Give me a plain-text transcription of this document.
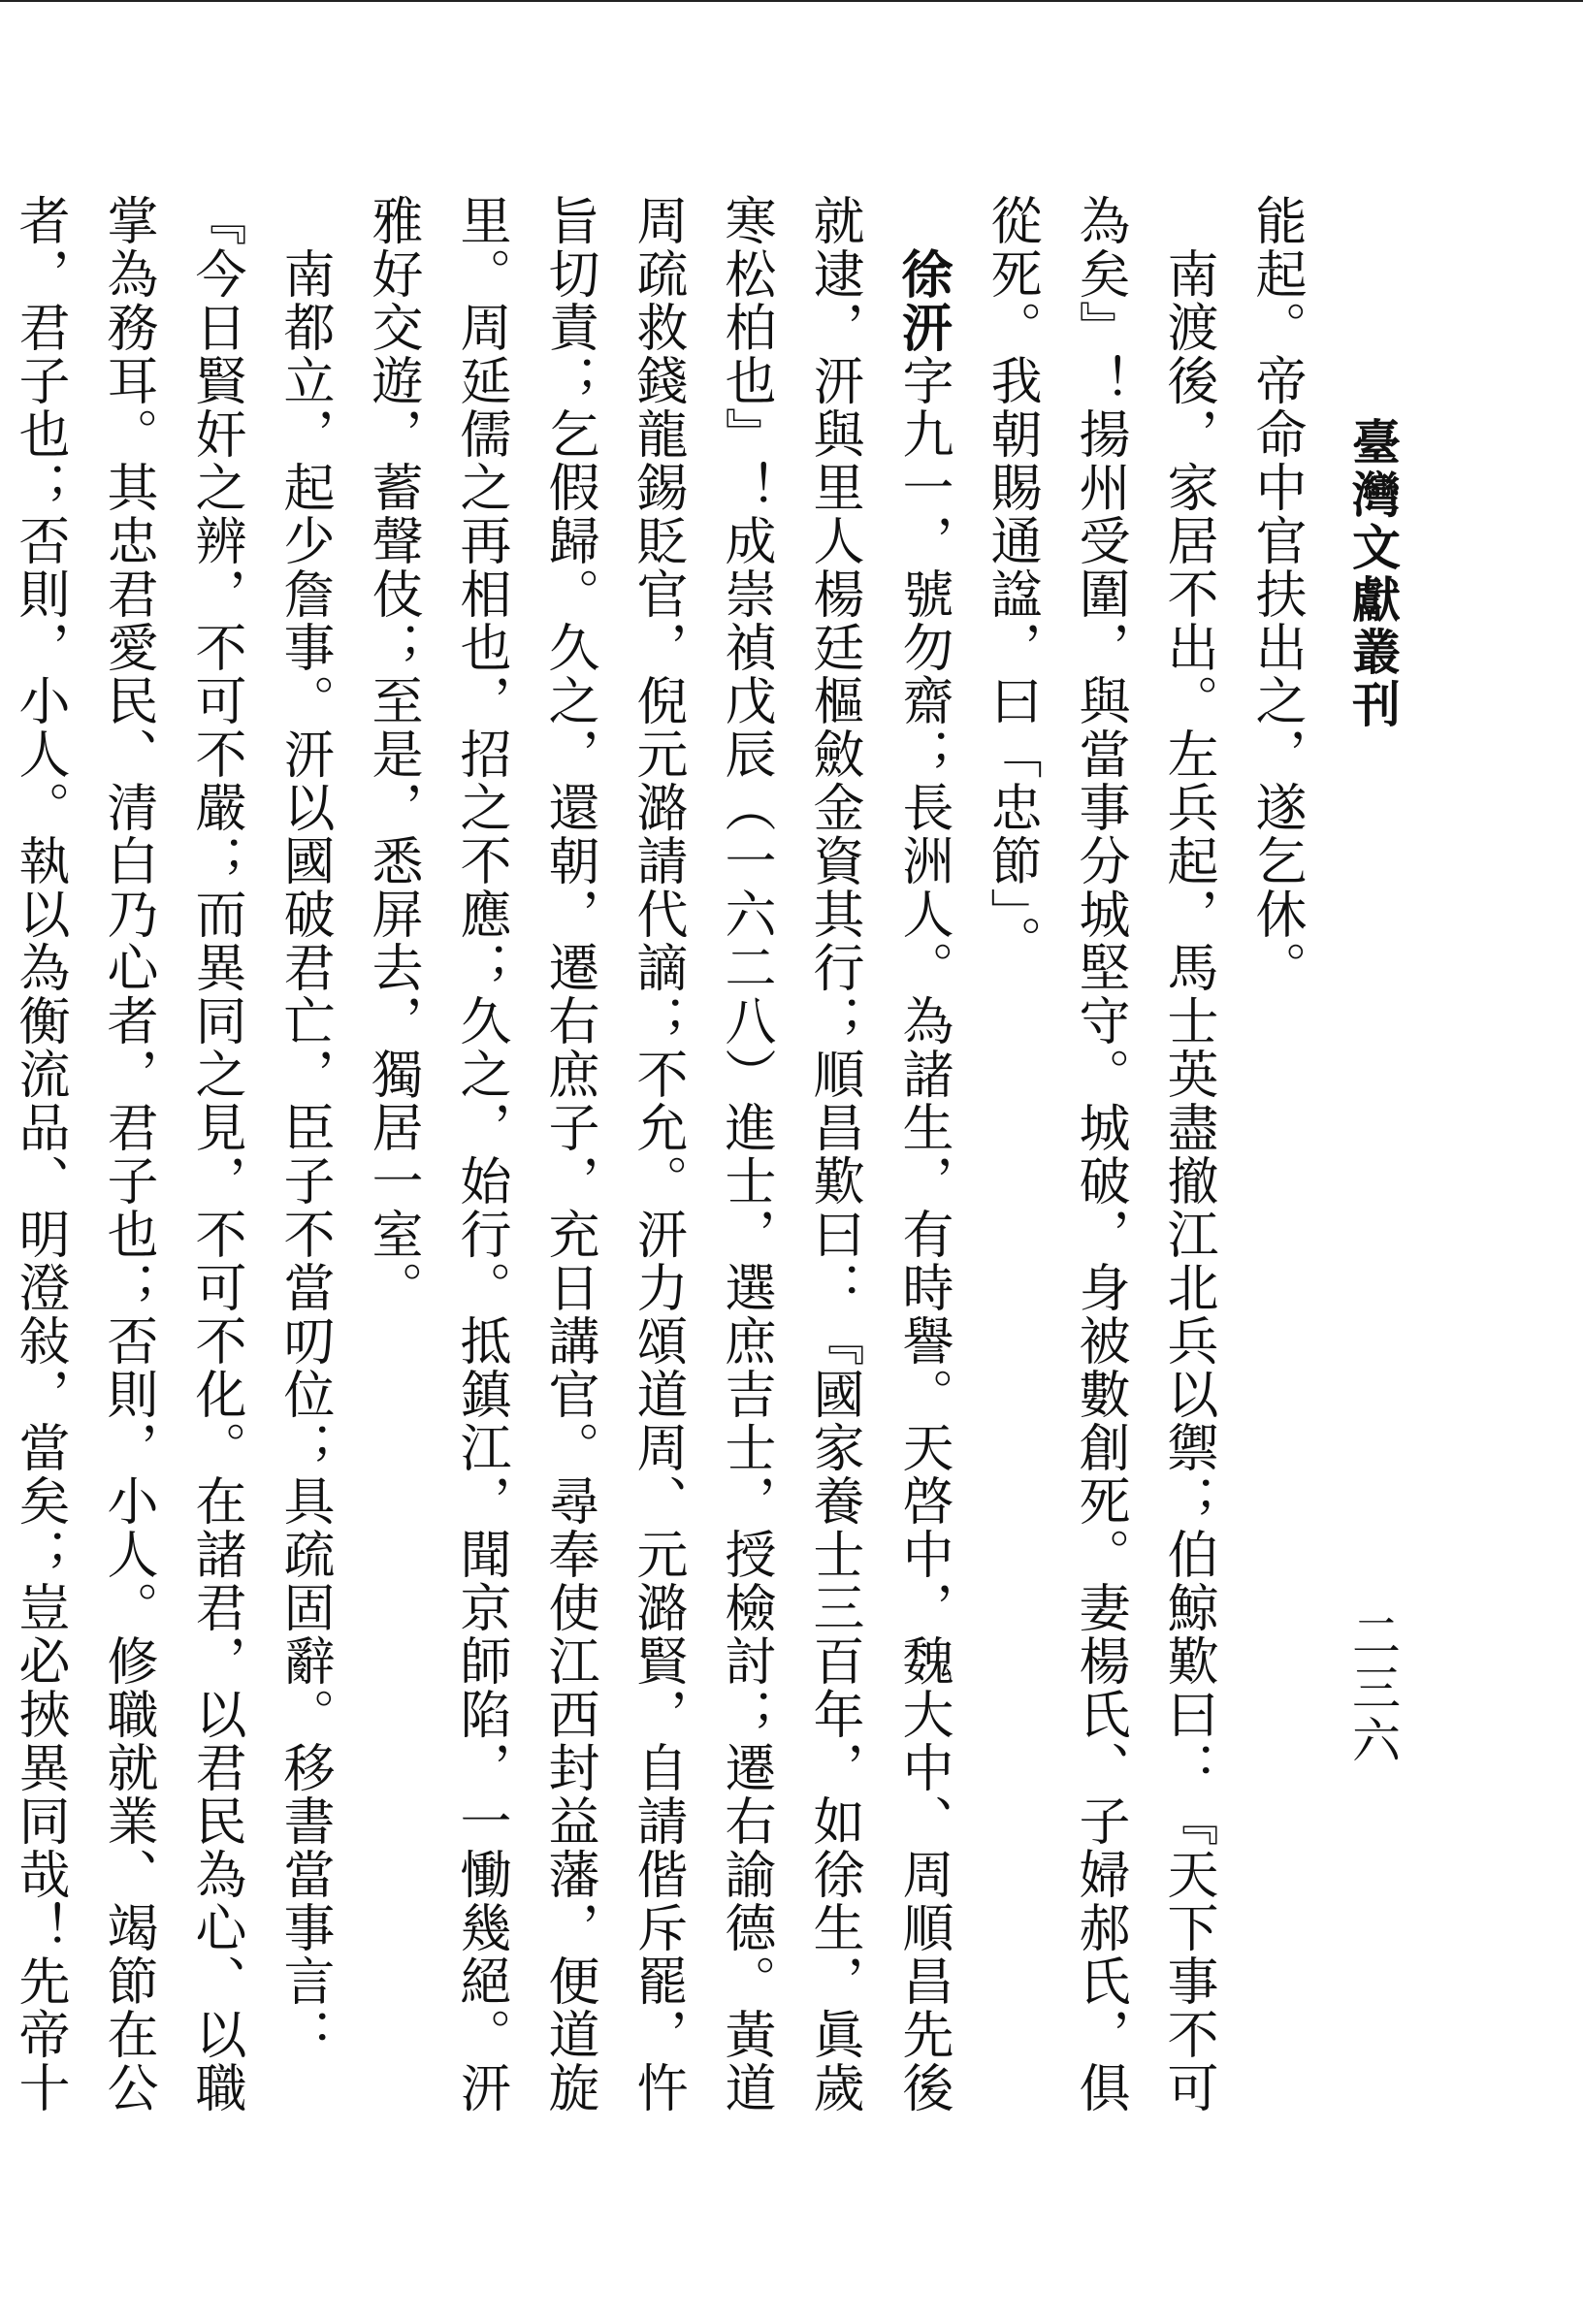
臺灣文獻叢刊
二三六

能起。帝命中官扶出之，遂乞休。

　南渡後，家居不出。左兵起，馬士英盡撤江北兵以禦；伯鯨歎曰：『天下事不可為矣』！揚州受圍，與當事分城堅守。城破，身被數創死。妻楊氏、子婦郝氏，俱從死。我朝賜通諡，曰「忠節」。

　徐汧字九一，號勿齋；長洲人。為諸生，有時譽。天啓中，魏大中、周順昌先後就逮，汧與里人楊廷樞斂金資其行；順昌歎曰：『國家養士三百年，如徐生，眞歲寒松柏也』！成崇禎戊辰（一六二八）進士，選庶吉士，授檢討；遷右諭德。黃道周疏救錢龍錫貶官，倪元潞請代謫；不允。汧力頌道周、元潞賢，自請偕斥罷，忤旨切責；乞假歸。久之，還朝，遷右庶子，充日講官。尋奉使江西封益藩，便道旋里。周延儒之再相也，招之不應；久之，始行。抵鎮江，聞京師陷，一慟幾絕。汧雅好交遊，蓄聲伎；至是，悉屏去，獨居一室。

　南都立，起少詹事。汧以國破君亡，臣子不當叨位；具疏固辭。移書當事言：『今日賢奸之辨，不可不嚴；而異同之見，不可不化。在諸君，以君民為心、以職掌為務耳。其忠君愛民、清白乃心者，君子也；否則，小人。修職就業、竭節在公者，君子也；否則，小人。執以為衡流品、明澄敍，當矣；豈必挾異同哉！先帝十
